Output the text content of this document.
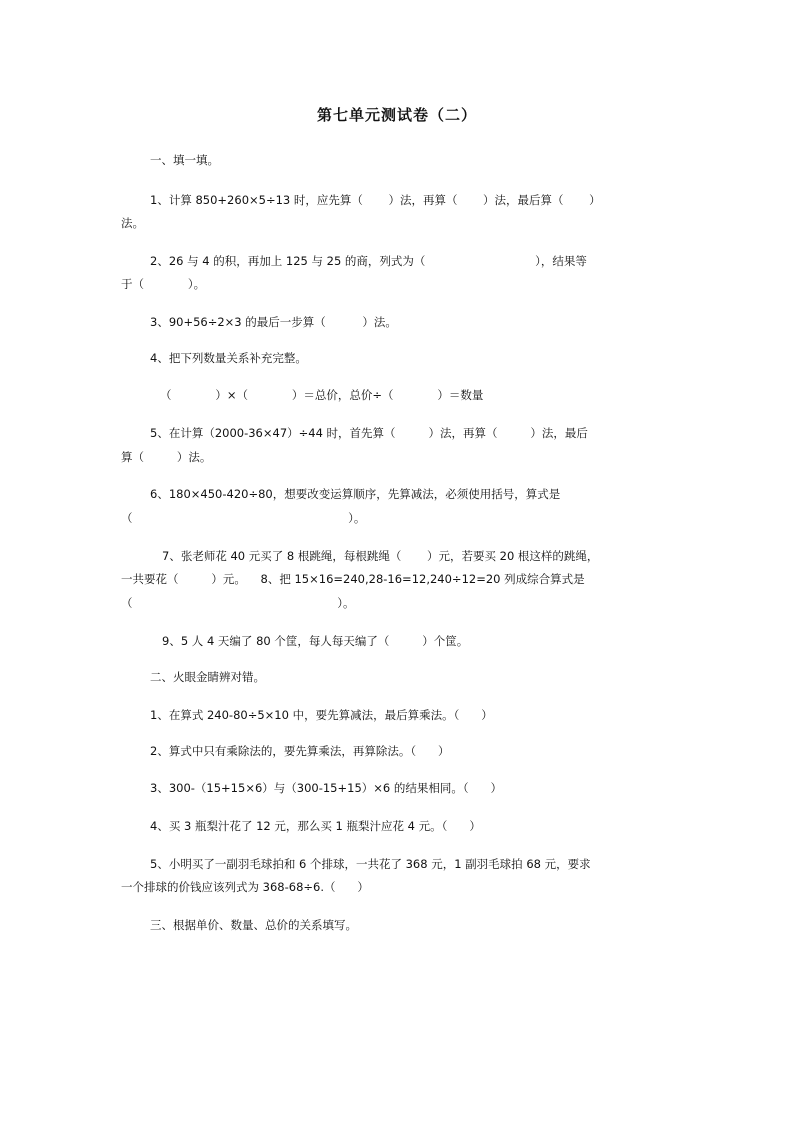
第七单元测试卷（二）
一、填一填。
1、计算 850+260×5÷13 时，应先算（       ）法，再算（       ）法，最后算（       ）
法。
2、26 与 4 的积，再加上 125 与 25 的商，列式为（                              ），结果等
于（            ）。
3、90+56÷2×3 的最后一步算（          ）法。
4、把下列数量关系补充完整。
（            ）×（            ）＝总价，总价÷（            ）＝数量
5、在计算（2000-36×47）÷44 时，首先算（         ）法，再算（         ）法，最后
算（         ）法。
6、180×450-420÷80，想要改变运算顺序，先算减法，必须使用括号，算式是
（                                                           ）。
7、张老师花 40 元买了 8 根跳绳，每根跳绳（       ）元，若要买 20 根这样的跳绳，
一共要花（         ）元。    8、把 15×16=240,28-16=12,240÷12=20 列成综合算式是
（                                                        ）。
9、5 人 4 天编了 80 个筐，每人每天编了（         ）个筐。
二、火眼金睛辨对错。
1、在算式 240-80÷5×10 中，要先算减法，最后算乘法。（      ）
2、算式中只有乘除法的，要先算乘法，再算除法。（      ）
3、300-（15+15×6）与（300-15+15）×6 的结果相同。（      ）
4、买 3 瓶梨汁花了 12 元，那么买 1 瓶梨汁应花 4 元。（      ）
5、小明买了一副羽毛球拍和 6 个排球，一共花了 368 元，1 副羽毛球拍 68 元，要求
一个排球的价钱应该列式为 368-68÷6.（      ）
三、根据单价、数量、总价的关系填写。
